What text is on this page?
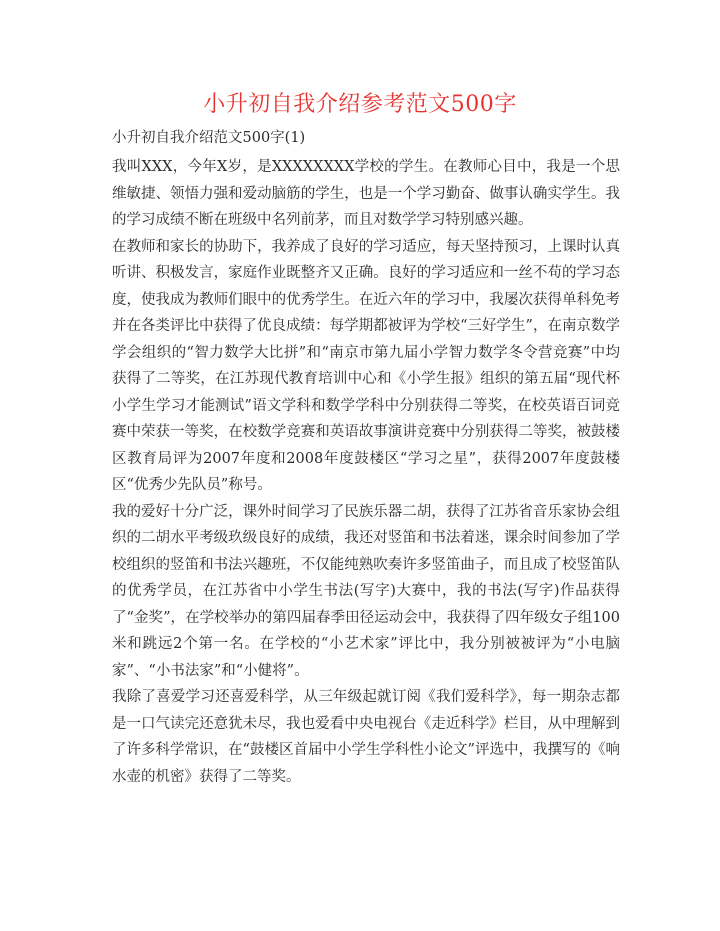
小升初自我介绍参考范文500字

小升初自我介绍范文500字(1)

我叫XXX，今年X岁，是XXXXXXXX学校的学生。在教师心目中，我是一个思维敏捷、领悟力强和爱动脑筋的学生，也是一个学习勤奋、做事认确实学生。我的学习成绩不断在班级中名列前茅，而且对数学学习特别感兴趣。

在教师和家长的协助下，我养成了良好的学习适应，每天坚持预习，上课时认真听讲、积极发言，家庭作业既整齐又正确。良好的学习适应和一丝不苟的学习态度，使我成为教师们眼中的优秀学生。在近六年的学习中，我屡次获得单科免考并在各类评比中获得了优良成绩：每学期都被评为学校“三好学生”，在南京数学学会组织的“智力数学大比拼”和“南京市第九届小学智力数学冬令营竞赛”中均获得了二等奖，在江苏现代教育培训中心和《小学生报》组织的第五届“现代杯小学生学习才能测试”语文学科和数学学科中分别获得二等奖，在校英语百词竞赛中荣获一等奖，在校数学竞赛和英语故事演讲竞赛中分别获得二等奖，被鼓楼区教育局评为2007年度和2008年度鼓楼区“学习之星”，获得2007年度鼓楼区“优秀少先队员”称号。

我的爱好十分广泛，课外时间学习了民族乐器二胡，获得了江苏省音乐家协会组织的二胡水平考级玖级良好的成绩，我还对竖笛和书法着迷，课余时间参加了学校组织的竖笛和书法兴趣班，不仅能纯熟吹奏许多竖笛曲子，而且成了校竖笛队的优秀学员，在江苏省中小学生书法(写字)大赛中，我的书法(写字)作品获得了“金奖”，在学校举办的第四届春季田径运动会中，我获得了四年级女子组100米和跳远2个第一名。在学校的“小艺术家”评比中，我分别被被评为“小电脑家”、“小书法家”和“小健将”。

我除了喜爱学习还喜爱科学，从三年级起就订阅《我们爱科学》，每一期杂志都是一口气读完还意犹未尽，我也爱看中央电视台《走近科学》栏目，从中理解到了许多科学常识，在“鼓楼区首届中小学生学科性小论文”评选中，我撰写的《响水壶的机密》获得了二等奖。
